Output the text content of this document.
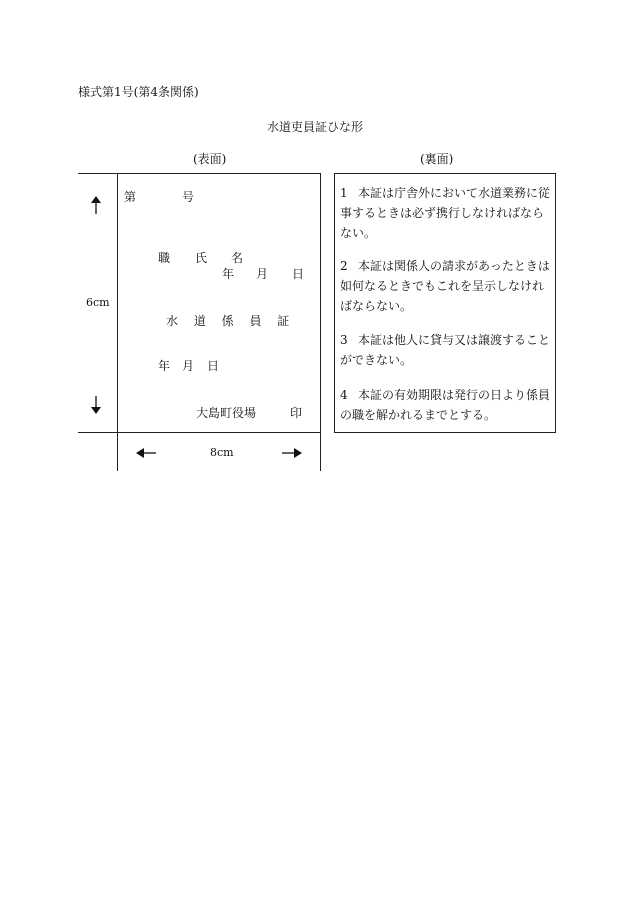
様式第1号(第4条関係)
水道吏員証ひな形
(表面)	(裏面)
6cm
8cm
第	号
職 氏　　名
年 月 日
水 道 係 員 証
年 月 日
大島町役場	印
1 本証は庁舎外において水道業務に従事するときは必ず携行しなければならない。
2 本証は関係人の請求があったときは如何なるときでもこれを呈示しなければならない。
3 本証は他人に貸与又は譲渡することができない。
4 本証の有効期限は発行の日より係員の職を解かれるまでとする。
